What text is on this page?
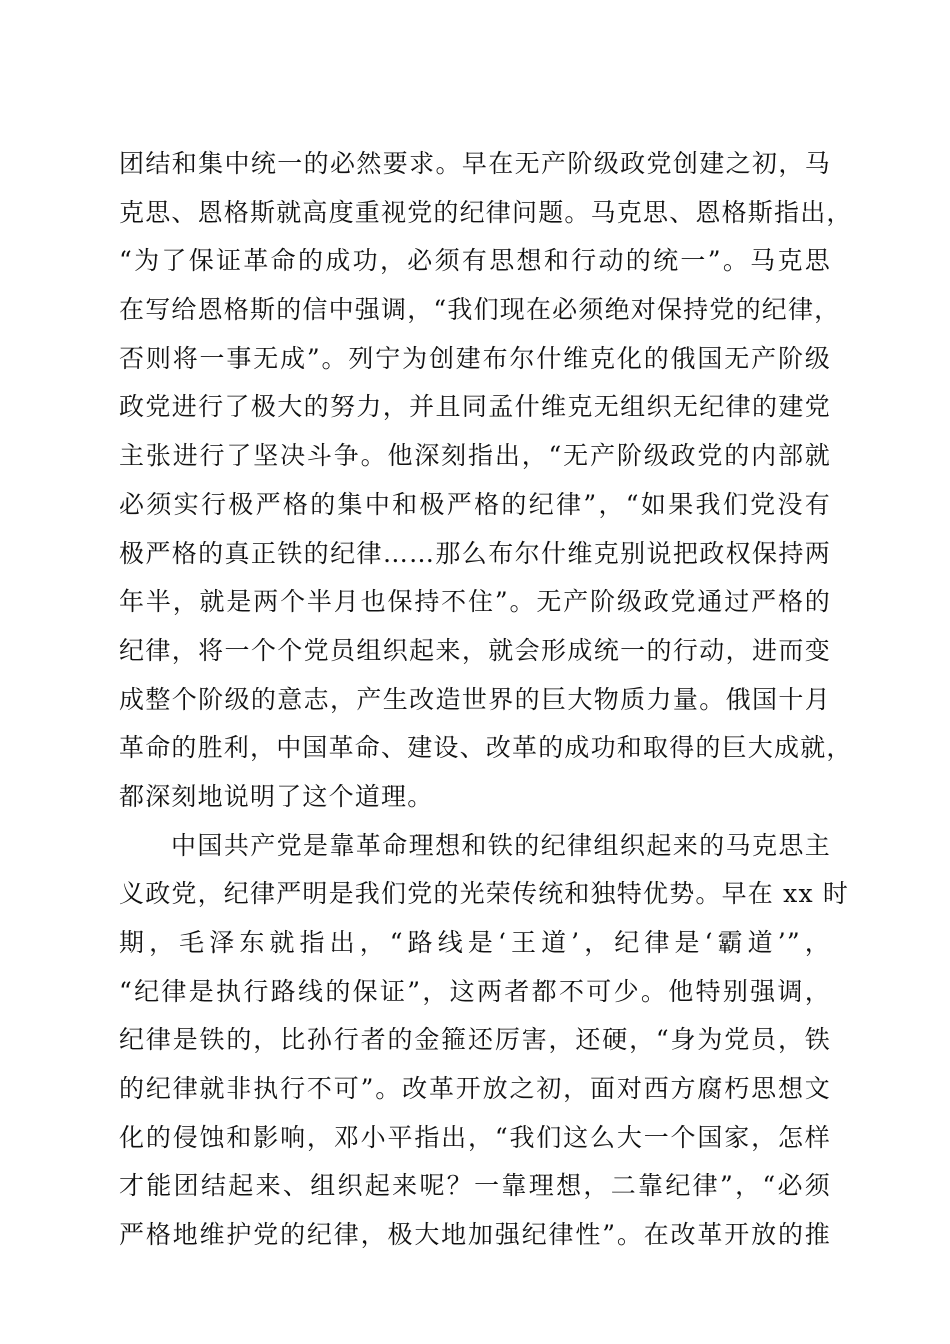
团结和集中统一的必然要求。早在无产阶级政党创建之初，马
克思、恩格斯就高度重视党的纪律问题。马克思、恩格斯指出，
“为了保证革命的成功，必须有思想和行动的统一”。马克思
在写给恩格斯的信中强调，“我们现在必须绝对保持党的纪律，
否则将一事无成”。列宁为创建布尔什维克化的俄国无产阶级
政党进行了极大的努力，并且同孟什维克无组织无纪律的建党
主张进行了坚决斗争。他深刻指出，“无产阶级政党的内部就
必须实行极严格的集中和极严格的纪律”，“如果我们党没有
极严格的真正铁的纪律……那么布尔什维克别说把政权保持两
年半，就是两个半月也保持不住”。无产阶级政党通过严格的
纪律，将一个个党员组织起来，就会形成统一的行动，进而变
成整个阶级的意志，产生改造世界的巨大物质力量。俄国十月
革命的胜利，中国革命、建设、改革的成功和取得的巨大成就，
都深刻地说明了这个道理。
中国共产党是靠革命理想和铁的纪律组织起来的马克思主
义政党，纪律严明是我们党的光荣传统和独特优势。早在 xx 时
期，毛泽东就指出，“路线是‘王道’，纪律是‘霸道’”，
“纪律是执行路线的保证”，这两者都不可少。他特别强调，
纪律是铁的，比孙行者的金箍还厉害，还硬，“身为党员，铁
的纪律就非执行不可”。改革开放之初，面对西方腐朽思想文
化的侵蚀和影响，邓小平指出，“我们这么大一个国家，怎样
才能团结起来、组织起来呢？一靠理想，二靠纪律”，“必须
严格地维护党的纪律，极大地加强纪律性”。在改革开放的推
